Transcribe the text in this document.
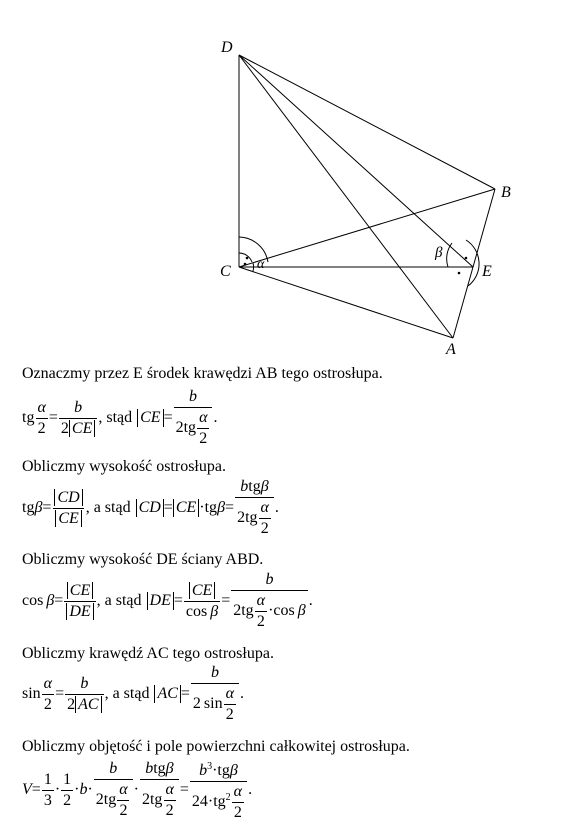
D
B
C	E
A
α
β
Oznaczmy przez E środek krawędzi AB tego ostrosłupa.
tg $\frac{\alpha}{2} = \frac{b}{2 CE}$ , stąd CE = $\frac{b}{2tg \frac{\alpha}{2}}$ .
Obliczmy wysokość ostrosłupa.
tg $\beta = \frac{CD}{CE}$ , a stąd CD = CE · tg $\beta = \frac{\text{btgβ}}{2tg \frac{\alpha}{2}}$ .
Obliczmy wysokość DE ściany ABD.
$\cos \beta = \frac{CE}{DE}$ , a stąd DE = $\frac{CE}{\text{cos β}} = \frac{b}{2tg \frac{\alpha}{2} \cdot\cos \beta}$ .
Obliczmy krawędź AC tego ostrosłupa.
$\sin \frac{\alpha}{2} = \frac{b}{2 AC}$ , a stąd AC = $\frac{b}{2 \sin \frac{\alpha}{2}}$ .
Obliczmy objętość i pole powierzchni całkowitej ostrosłupa.
$V = \frac{1}{3} \cdot \frac{1}{2} \cdot b \cdot \frac{b}{2tg \frac{\alpha}{2}} \cdot \frac{\text{btgβ}}{2tg \frac{\alpha}{2}} = \frac{b^3\cdot tg\beta}{24\cdot tg^2 \frac{\alpha}{2}}$ .
